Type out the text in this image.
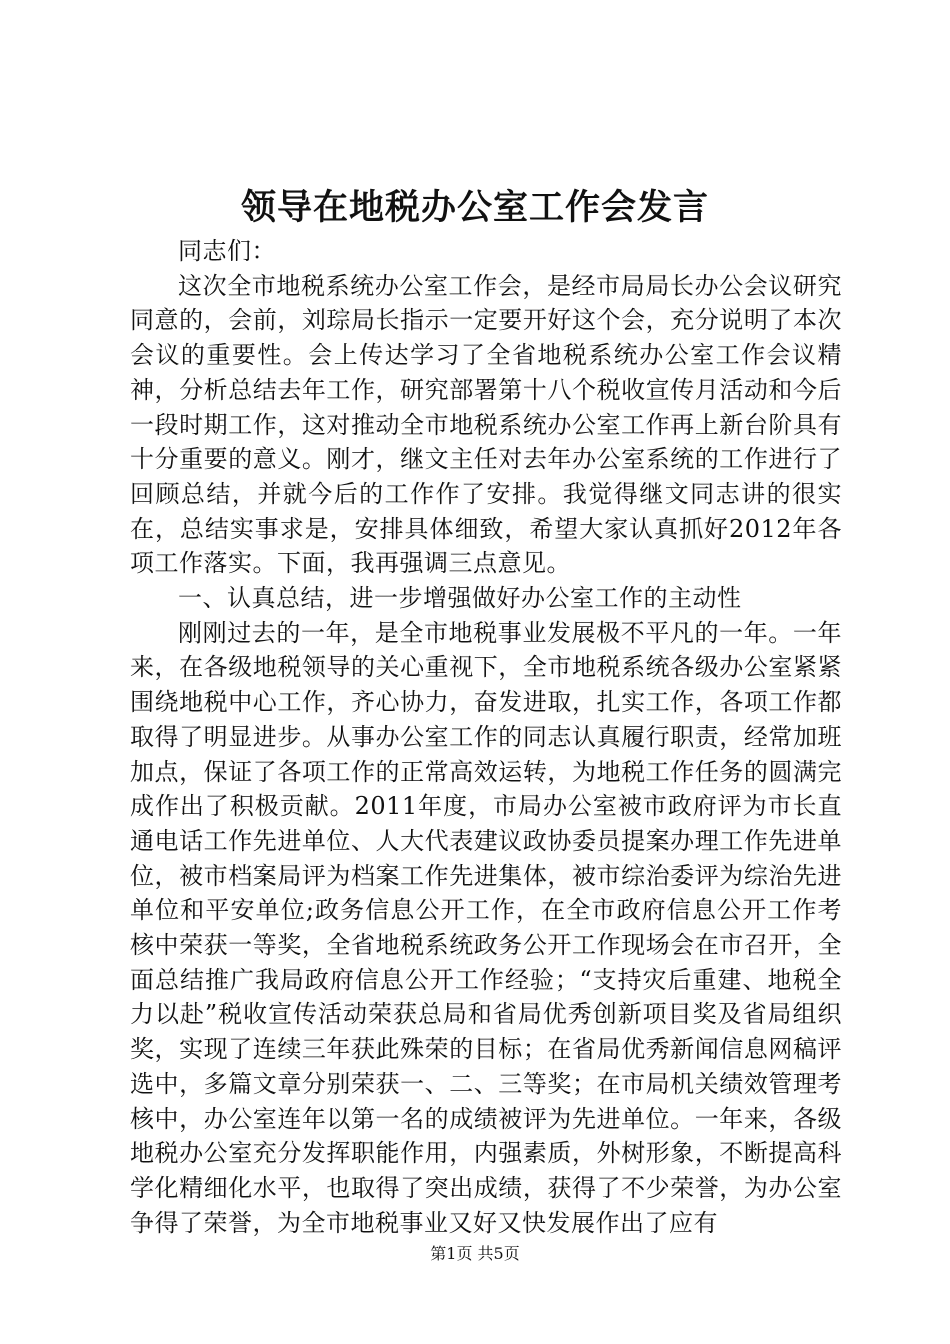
领导在地税办公室工作会发言

同志们：

这次全市地税系统办公室工作会，是经市局局长办公会议研究同意的，会前，刘琮局长指示一定要开好这个会，充分说明了本次会议的重要性。会上传达学习了全省地税系统办公室工作会议精神，分析总结去年工作，研究部署第十八个税收宣传月活动和今后一段时期工作，这对推动全市地税系统办公室工作再上新台阶具有十分重要的意义。刚才，继文主任对去年办公室系统的工作进行了回顾总结，并就今后的工作作了安排。我觉得继文同志讲的很实在，总结实事求是，安排具体细致，希望大家认真抓好2012年各项工作落实。下面，我再强调三点意见。

一、认真总结，进一步增强做好办公室工作的主动性

刚刚过去的一年，是全市地税事业发展极不平凡的一年。一年来，在各级地税领导的关心重视下，全市地税系统各级办公室紧紧围绕地税中心工作，齐心协力，奋发进取，扎实工作，各项工作都取得了明显进步。从事办公室工作的同志认真履行职责，经常加班加点，保证了各项工作的正常高效运转，为地税工作任务的圆满完成作出了积极贡献。2011年度，市局办公室被市政府评为市长直通电话工作先进单位、人大代表建议政协委员提案办理工作先进单位，被市档案局评为档案工作先进集体，被市综治委评为综治先进单位和平安单位;政务信息公开工作，在全市政府信息公开工作考核中荣获一等奖，全省地税系统政务公开工作现场会在市召开，全面总结推广我局政府信息公开工作经验；“支持灾后重建、地税全力以赴”税收宣传活动荣获总局和省局优秀创新项目奖及省局组织奖，实现了连续三年获此殊荣的目标；在省局优秀新闻信息网稿评选中，多篇文章分别荣获一、二、三等奖；在市局机关绩效管理考核中，办公室连年以第一名的成绩被评为先进单位。一年来，各级地税办公室充分发挥职能作用，内强素质，外树形象，不断提高科学化精细化水平，也取得了突出成绩，获得了不少荣誉，为办公室争得了荣誉，为全市地税事业又好又快发展作出了应有

第1页 共5页
